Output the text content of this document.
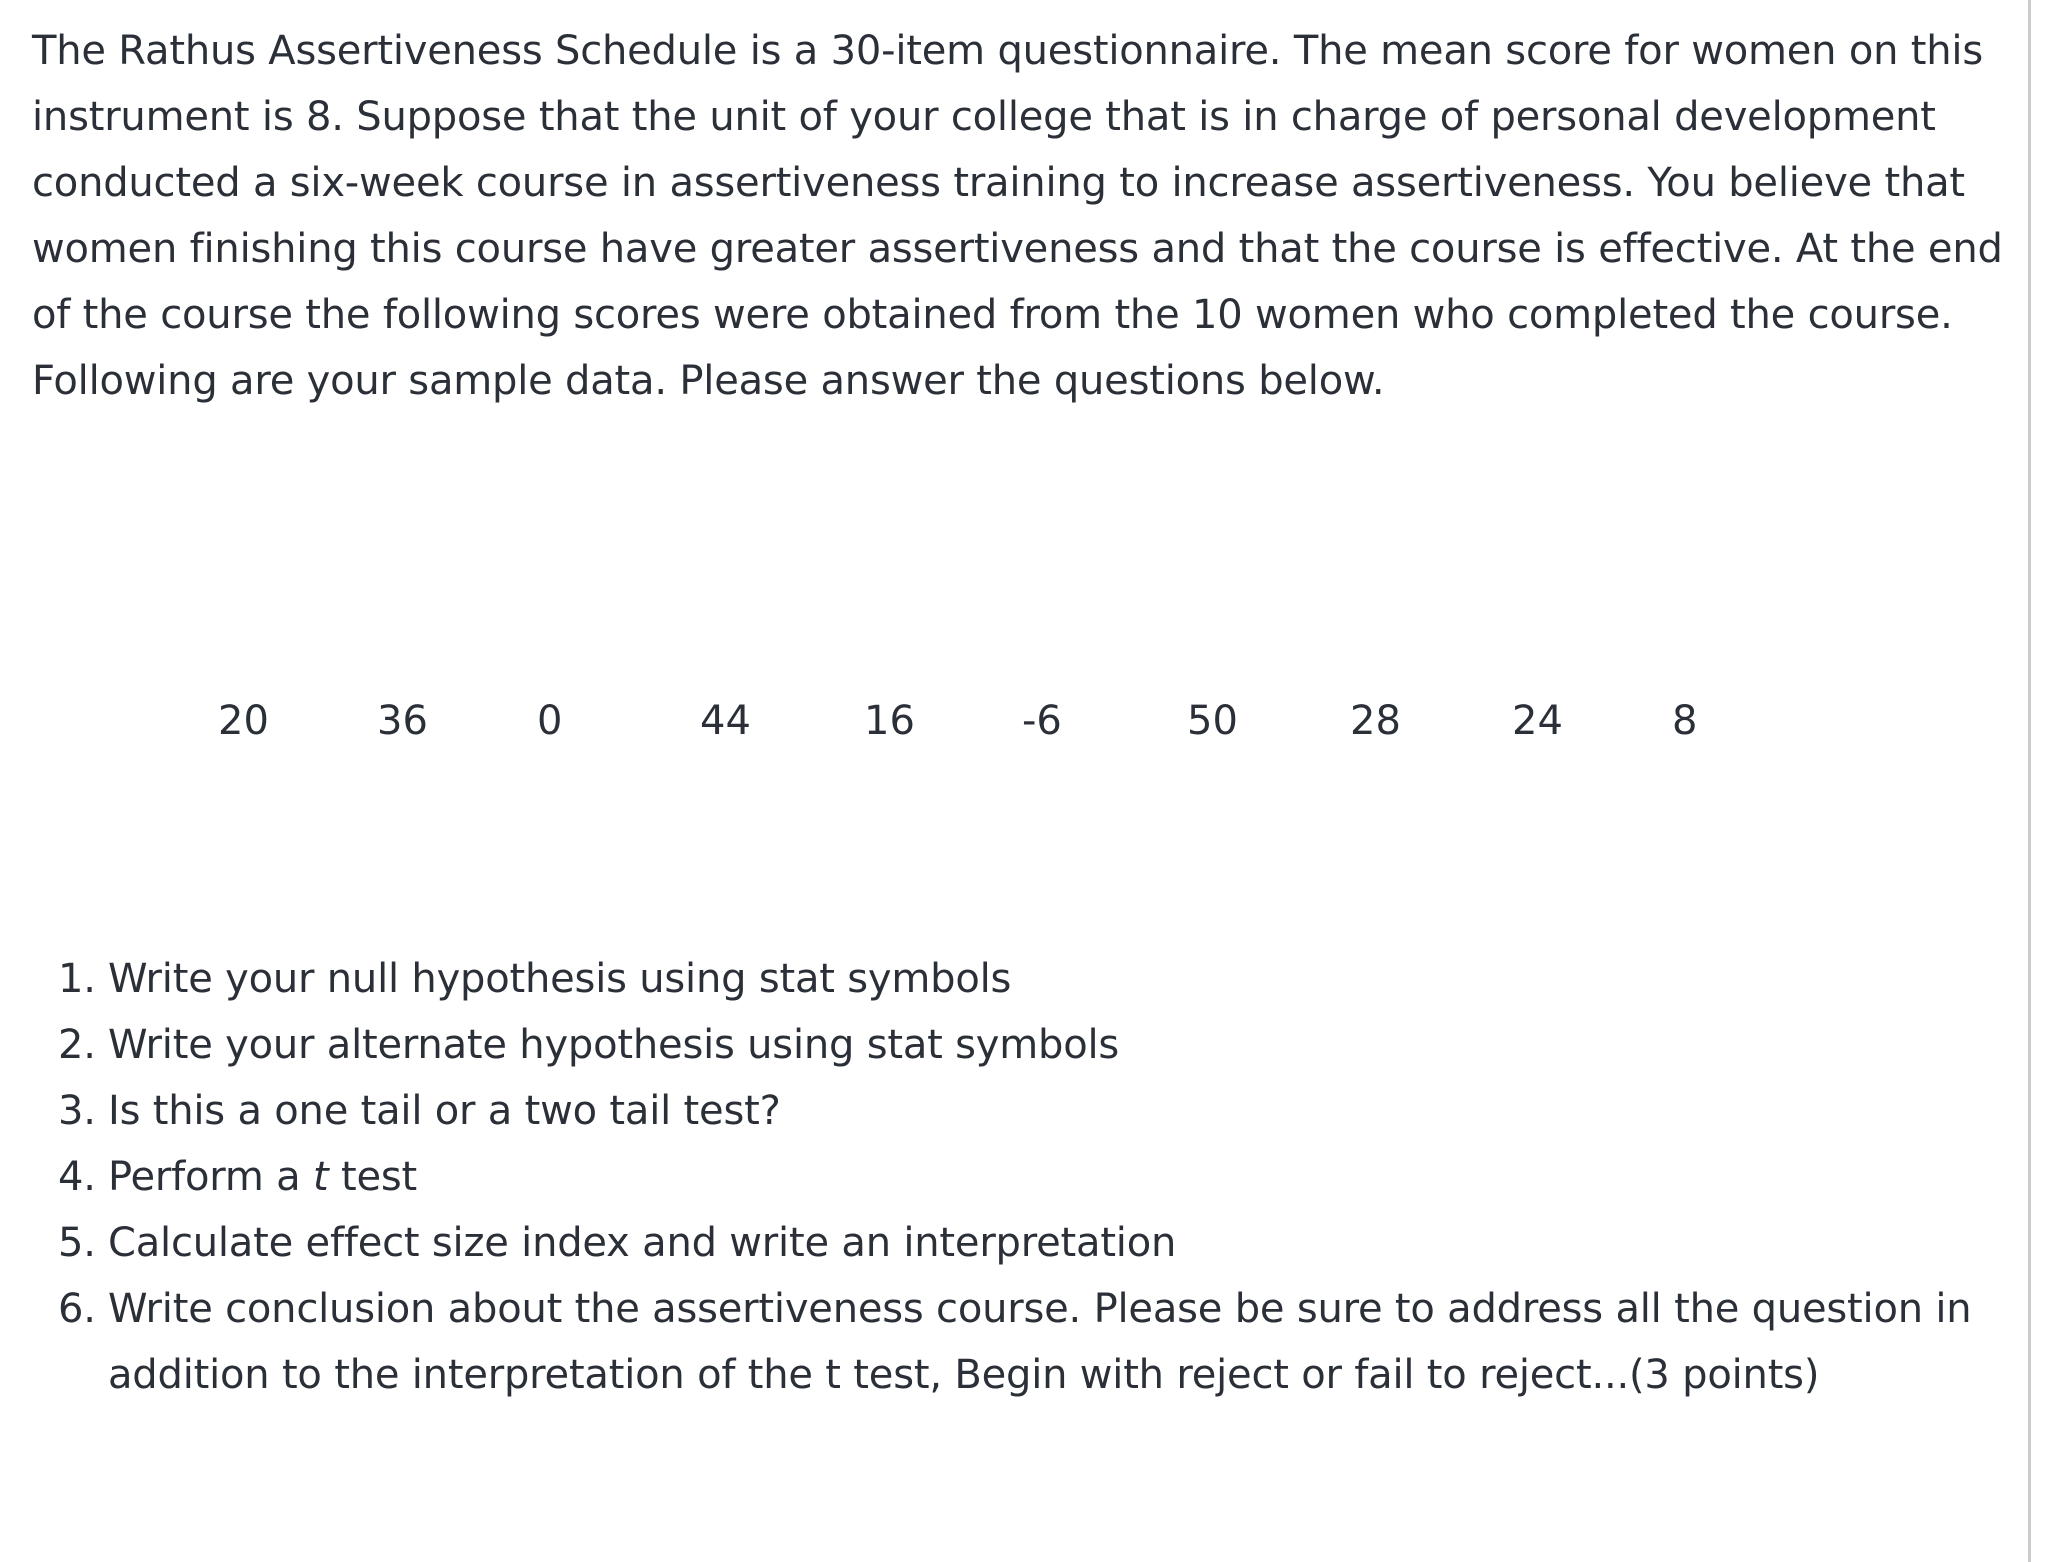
The Rathus Assertiveness Schedule is a 30-item questionnaire. The mean score for women on this instrument is 8. Suppose that the unit of your college that is in charge of personal development conducted a six-week course in assertiveness training to increase assertiveness. You believe that women finishing this course have greater assertiveness and that the course is effective. At the end of the course the following scores were obtained from the 10 women who completed the course. Following are your sample data. Please answer the questions below.

20	36	0	44	16	-6	50	28	24	8
1. Write your null hypothesis using stat symbols
2. Write your alternate hypothesis using stat symbols
3. Is this a one tail or a two tail test?
4. Perform a t test
5. Calculate effect size index and write an interpretation
6. Write conclusion about the assertiveness course. Please be sure to address all the question in addition to the interpretation of the t test, Begin with reject or fail to reject...(3 points)
